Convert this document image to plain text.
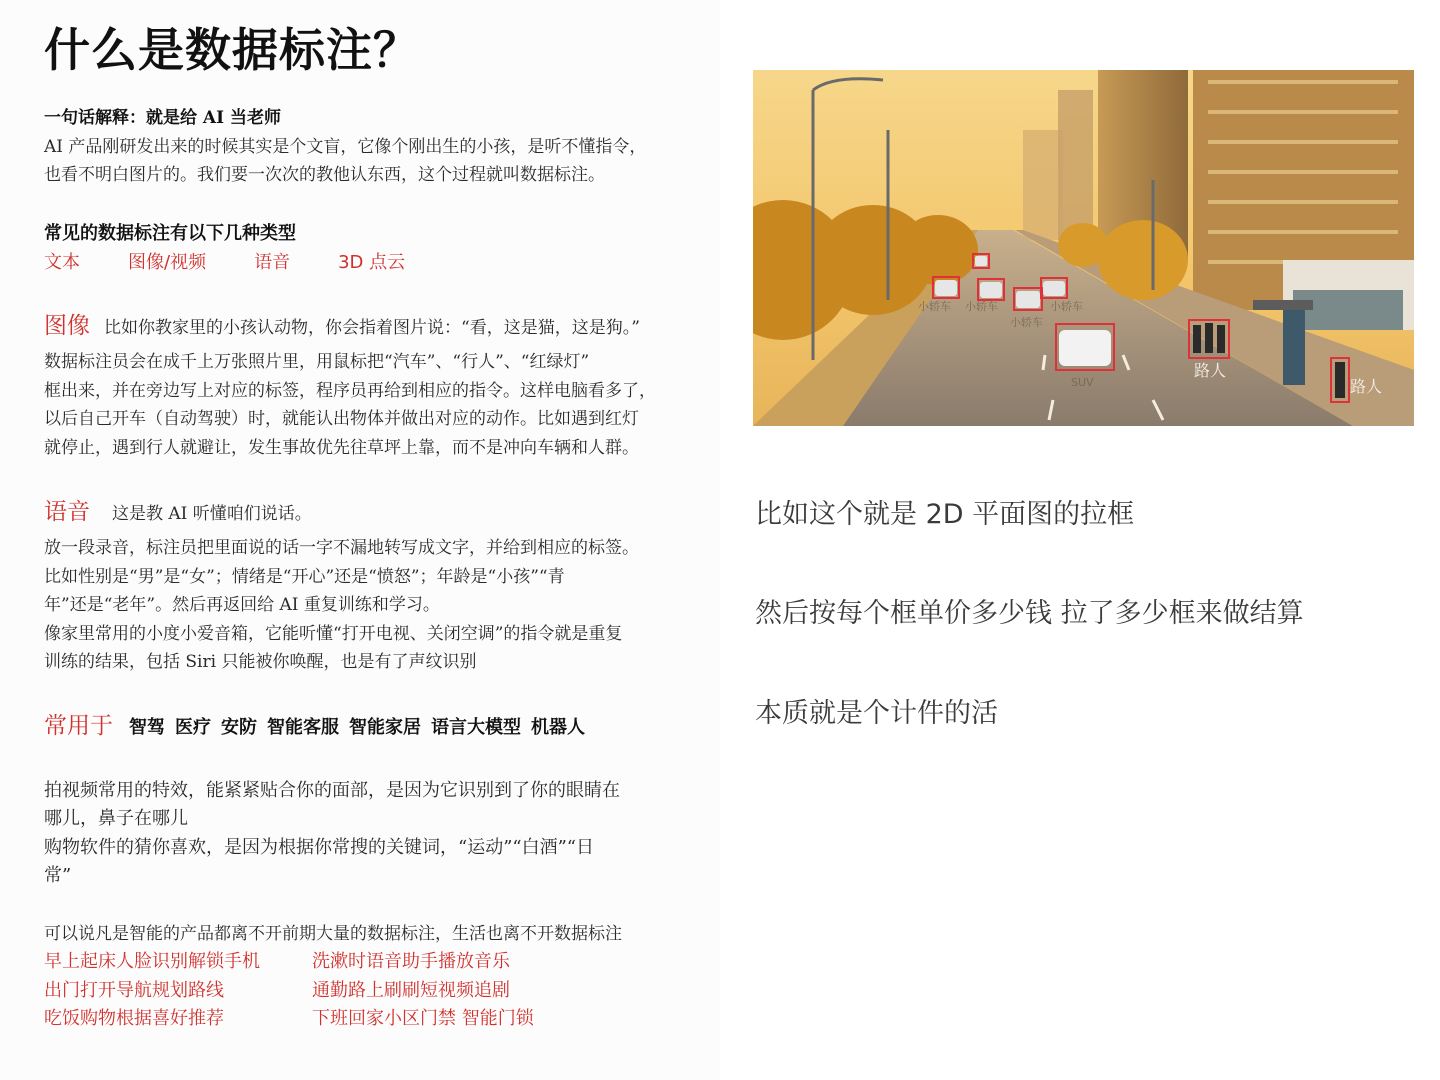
什么是数据标注？
一句话解释：就是给 AI 当老师
AI 产品刚研发出来的时候其实是个文盲，它像个刚出生的小孩，是听不懂指令，
也看不明白图片的。我们要一次次的教他认东西，这个过程就叫数据标注。
常见的数据标注有以下几种类型
文本	图像/视频	语音	3D 点云
图像 比如你教家里的小孩认动物，你会指着图片说：“看，这是猫，这是狗。”
数据标注员会在成千上万张照片里，用鼠标把“汽车”、“行人”、“红绿灯”
框出来，并在旁边写上对应的标签，程序员再给到相应的指令。这样电脑看多了，
以后自己开车（自动驾驶）时，就能认出物体并做出对应的动作。比如遇到红灯
就停止，遇到行人就避让，发生事故优先往草坪上靠，而不是冲向车辆和人群。
语音 这是教 AI 听懂咱们说话。
放一段录音，标注员把里面说的话一字不漏地转写成文字，并给到相应的标签。
比如性别是“男”是“女”；情绪是“开心”还是“愤怒”；年龄是“小孩”“青
年”还是“老年”。然后再返回给 AI 重复训练和学习。
像家里常用的小度小爱音箱，它能听懂“打开电视、关闭空调”的指令就是重复
训练的结果，包括 Siri 只能被你唤醒，也是有了声纹识别
常用于 智驾 医疗 安防 智能客服 智能家居 语言大模型 机器人
拍视频常用的特效，能紧紧贴合你的面部，是因为它识别到了你的眼睛在
哪儿，鼻子在哪儿
购物软件的猜你喜欢，是因为根据你常搜的关键词，“运动”“白酒”“日
常”
可以说凡是智能的产品都离不开前期大量的数据标注，生活也离不开数据标注
早上起床人脸识别解锁手机	洗漱时语音助手播放音乐
出门打开导航规划路线	通勤路上刷刷短视频追剧
吃饭购物根据喜好推荐	下班回家小区门禁 智能门锁
小轿车 小轿车
小轿车
小轿车
SUV
路人
路人
比如这个就是 2D 平面图的拉框
然后按每个框单价多少钱 拉了多少框来做结算
本质就是个计件的活
